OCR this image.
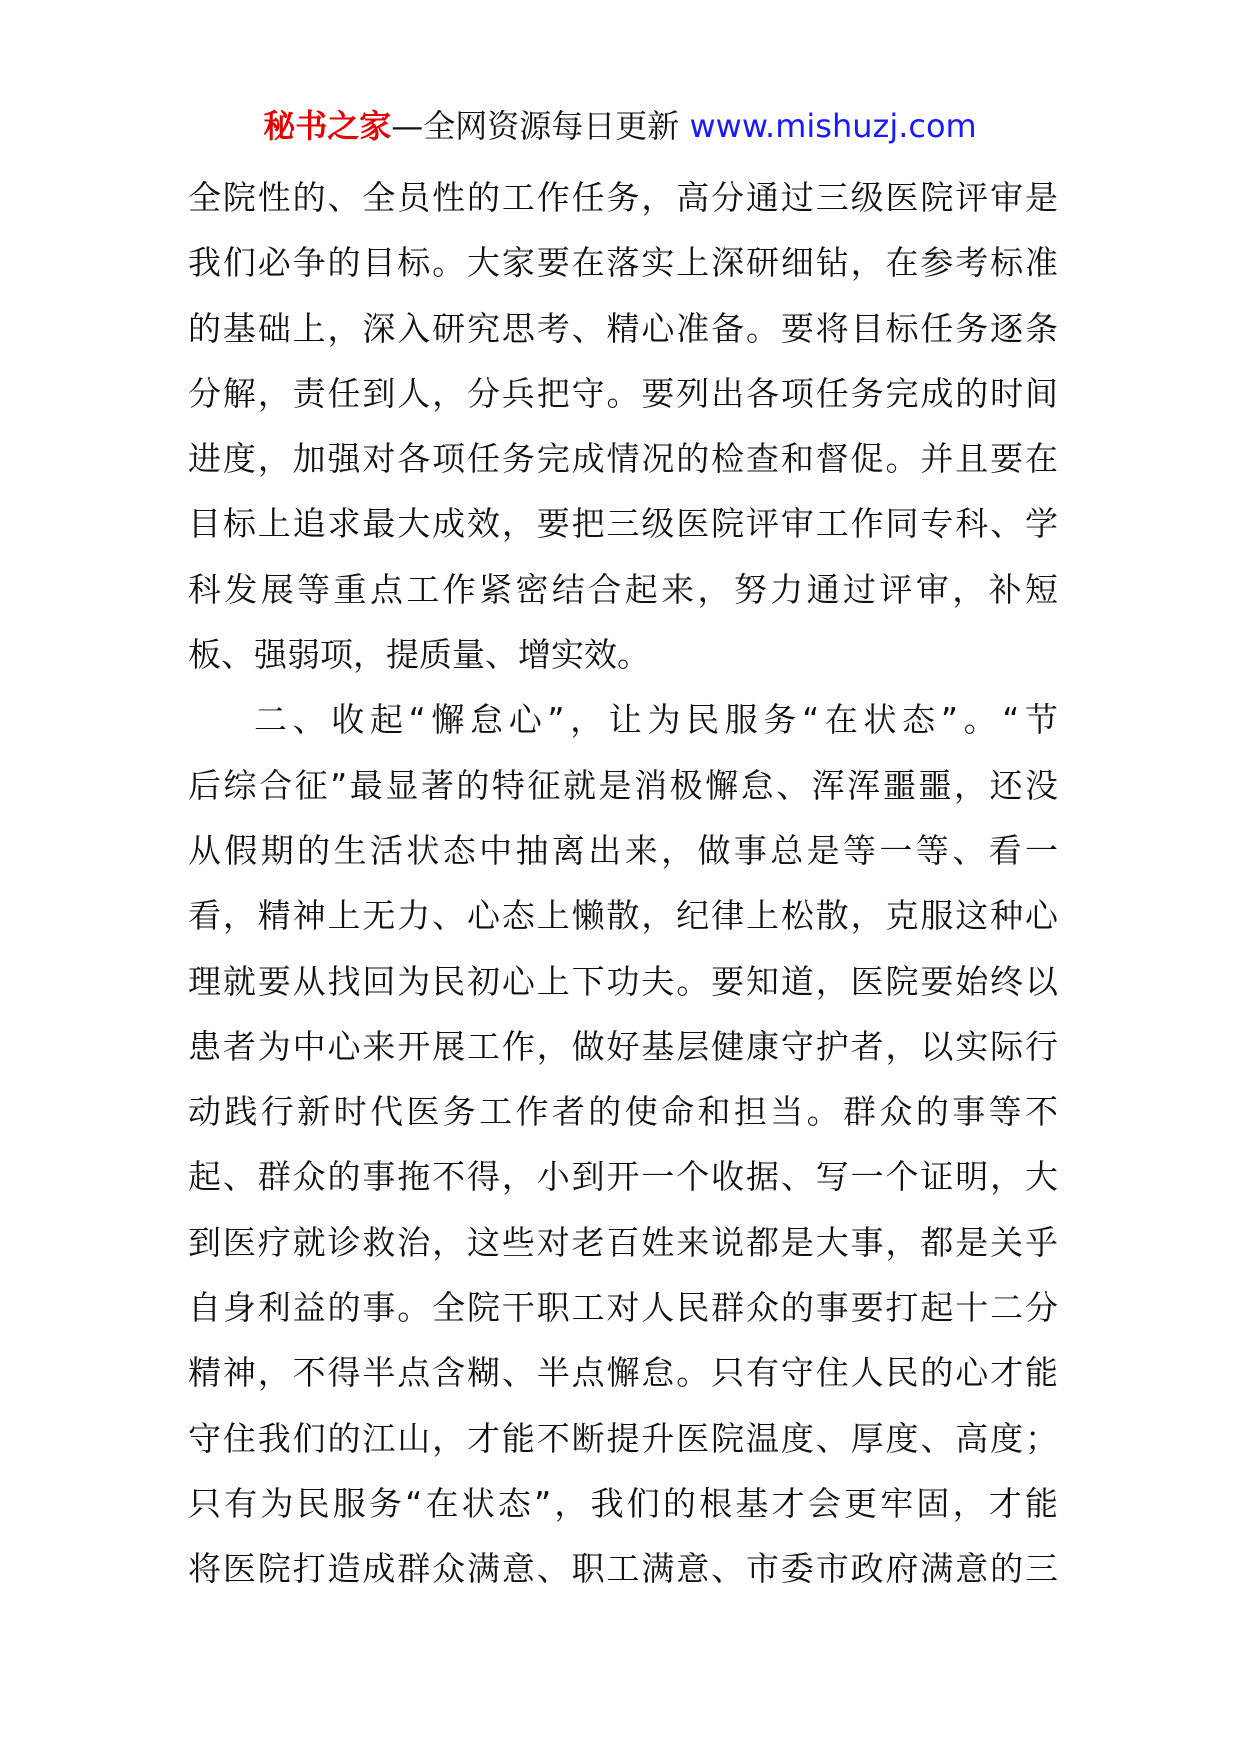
秘书之家—全网资源每日更新 www.mishuzj.com
全院性的、全员性的工作任务，高分通过三级医院评审是
我们必争的目标。大家要在落实上深研细钻，在参考标准
的基础上，深入研究思考、精心准备。要将目标任务逐条
分解，责任到人，分兵把守。要列出各项任务完成的时间
进度，加强对各项任务完成情况的检查和督促。并且要在
目标上追求最大成效，要把三级医院评审工作同专科、学
科发展等重点工作紧密结合起来，努力通过评审，补短
板、强弱项，提质量、增实效。
二、收起“懈怠心”，让为民服务“在状态”。“节
后综合征”最显著的特征就是消极懈怠、浑浑噩噩，还没
从假期的生活状态中抽离出来，做事总是等一等、看一
看，精神上无力、心态上懒散，纪律上松散，克服这种心
理就要从找回为民初心上下功夫。要知道，医院要始终以
患者为中心来开展工作，做好基层健康守护者，以实际行
动践行新时代医务工作者的使命和担当。群众的事等不
起、群众的事拖不得，小到开一个收据、写一个证明，大
到医疗就诊救治，这些对老百姓来说都是大事，都是关乎
自身利益的事。全院干职工对人民群众的事要打起十二分
精神，不得半点含糊、半点懈怠。只有守住人民的心才能
守住我们的江山，才能不断提升医院温度、厚度、高度；
只有为民服务“在状态”，我们的根基才会更牢固，才能
将医院打造成群众满意、职工满意、市委市政府满意的三
